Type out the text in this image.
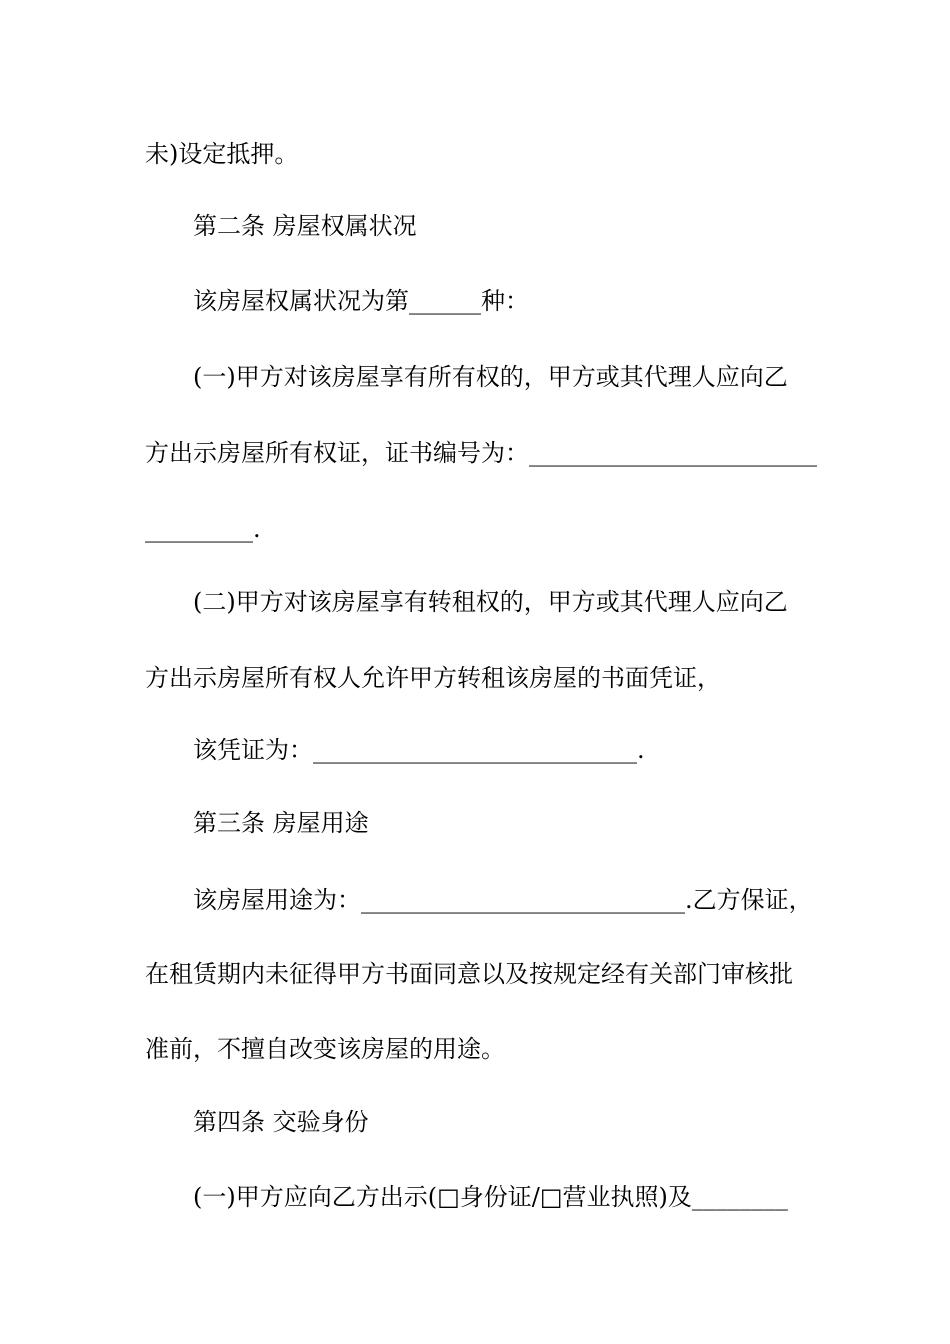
未)设定抵押。
第二条 房屋权属状况
该房屋权属状况为第______种：
(一)甲方对该房屋享有所有权的，甲方或其代理人应向乙
方出示房屋所有权证，证书编号为：________________________
_________.
(二)甲方对该房屋享有转租权的，甲方或其代理人应向乙
方出示房屋所有权人允许甲方转租该房屋的书面凭证，
该凭证为：___________________________.
第三条 房屋用途
该房屋用途为：___________________________.乙方保证，
在租赁期内未征得甲方书面同意以及按规定经有关部门审核批
准前，不擅自改变该房屋的用途。
第四条 交验身份
(一)甲方应向乙方出示(□身份证/□营业执照)及________
